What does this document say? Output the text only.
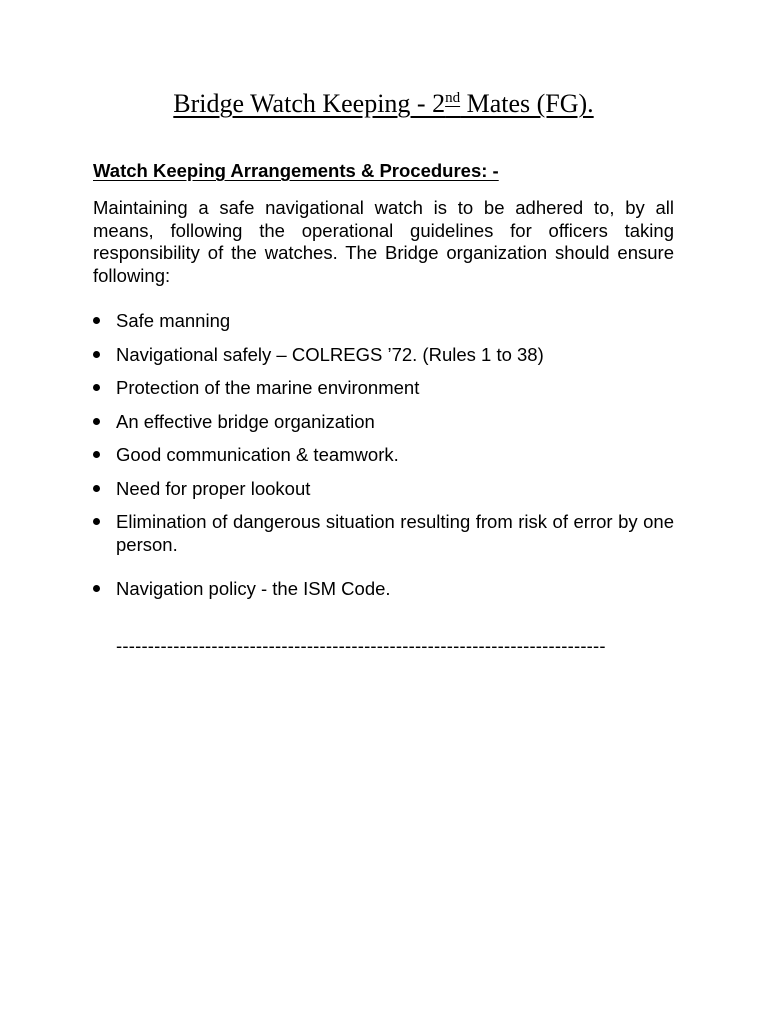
Bridge Watch Keeping - 2nd Mates (FG).
Watch Keeping Arrangements & Procedures: -

Maintaining a safe navigational watch is to be adhered to, by all means, following the operational guidelines for officers taking responsibility of the watches. The Bridge organization should ensure following:

Safe manning
Navigational safely – COLREGS ’72. (Rules 1 to 38)
Protection of the marine environment
An effective bridge organization
Good communication & teamwork.
Need for proper lookout
Elimination of dangerous situation resulting from risk of error by one person.
Navigation policy - the ISM Code.

-----------------------------------------------------------------------------
